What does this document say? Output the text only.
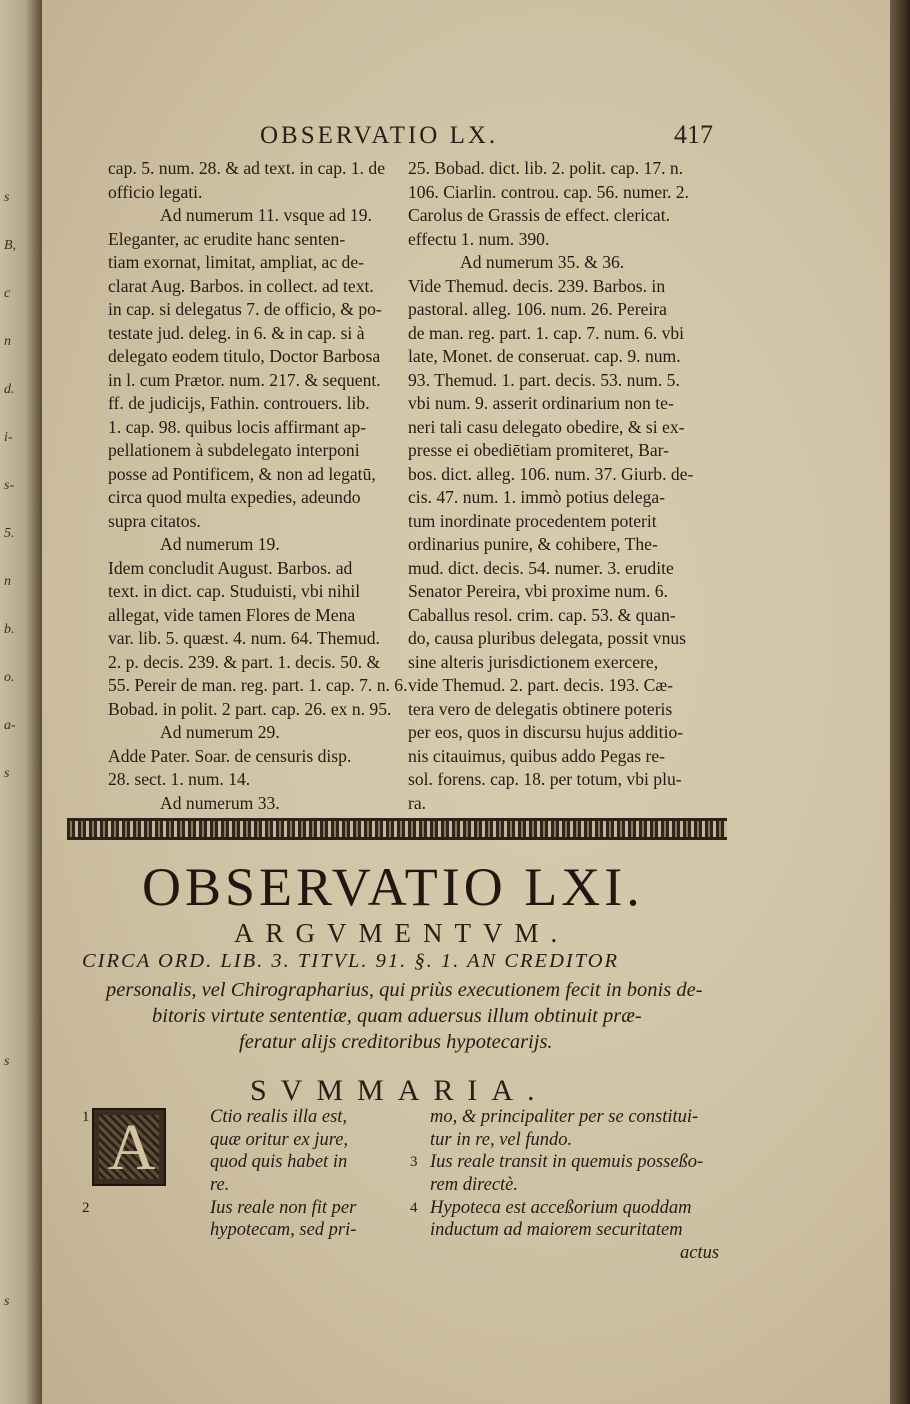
s
B,
c
n
d.
i-
s-
5.
n
b.
o.
a-
s
s
s
OBSERVATIO LX.	417
cap. 5. num. 28. & ad text. in cap. 1. de
officio legati.
Ad numerum 11. vsque ad 19.
Eleganter, ac erudite hanc senten-
tiam exornat, limitat, ampliat, ac de-
clarat Aug. Barbos. in collect. ad text.
in cap. si delegatus 7. de officio, & po-
testate jud. deleg. in 6. & in cap. si à
delegato eodem titulo, Doctor Barbosa
in l. cum Prætor. num. 217. & sequent.
ff. de judicijs, Fathin. controuers. lib.
1. cap. 98. quibus locis affirmant ap-
pellationem à subdelegato interponi
posse ad Pontificem, & non ad legatū,
circa quod multa expedies, adeundo
supra citatos.
Ad numerum 19.
Idem concludit August. Barbos. ad
text. in dict. cap. Studuisti, vbi nihil
allegat, vide tamen Flores de Mena
var. lib. 5. quæst. 4. num. 64. Themud.
2. p. decis. 239. & part. 1. decis. 50. &
55. Pereir de man. reg. part. 1. cap. 7. n. 6.
Bobad. in polit. 2 part. cap. 26. ex n. 95.
Ad numerum 29.
Adde Pater. Soar. de censuris disp.
28. sect. 1. num. 14.
Ad numerum 33.
25. Bobad. dict. lib. 2. polit. cap. 17. n.
106. Ciarlin. controu. cap. 56. numer. 2.
Carolus de Grassis de effect. clericat.
effectu 1. num. 390.
Ad numerum 35. & 36.
Vide Themud. decis. 239. Barbos. in
pastoral. alleg. 106. num. 26. Pereira
de man. reg. part. 1. cap. 7. num. 6. vbi
late, Monet. de conseruat. cap. 9. num.
93. Themud. 1. part. decis. 53. num. 5.
vbi num. 9. asserit ordinarium non te-
neri tali casu delegato obedire, & si ex-
presse ei obediētiam promiteret, Bar-
bos. dict. alleg. 106. num. 37. Giurb. de-
cis. 47. num. 1. immò potius delega-
tum inordinate procedentem poterit
ordinarius punire, & cohibere, The-
mud. dict. decis. 54. numer. 3. erudite
Senator Pereira, vbi proxime num. 6.
Caballus resol. crim. cap. 53. & quan-
do, causa pluribus delegata, possit vnus
sine alteris jurisdictionem exercere,
vide Themud. 2. part. decis. 193. Cæ-
tera vero de delegatis obtinere poteris
per eos, quos in discursu hujus additio-
nis citauimus, quibus addo Pegas re-
sol. forens. cap. 18. per totum, vbi plu-
ra.
OBSERVATIO LXI.
ARGVMENTVM.
CIRCA ORD. LIB. 3. TITVL. 91. §. 1. AN CREDITOR
personalis, vel Chirographarius, qui priùs executionem fecit in bonis de-
bitoris virtute sententiæ, quam aduersus illum obtinuit præ-
feratur alijs creditoribus hypotecarijs.
SVMMARIA.
A
1	Ctio realis illa est,
quæ oritur ex jure,
quod quis habet in
re.
2	Ius reale non fit per
hypotecam, sed pri-
mo, & principaliter per se constitui-
tur in re, vel fundo.
3 Ius reale transit in quemuis posseßo-
rem directè.
4 Hypoteca est acceßorium quoddam
inductum ad maiorem securitatem
actus
